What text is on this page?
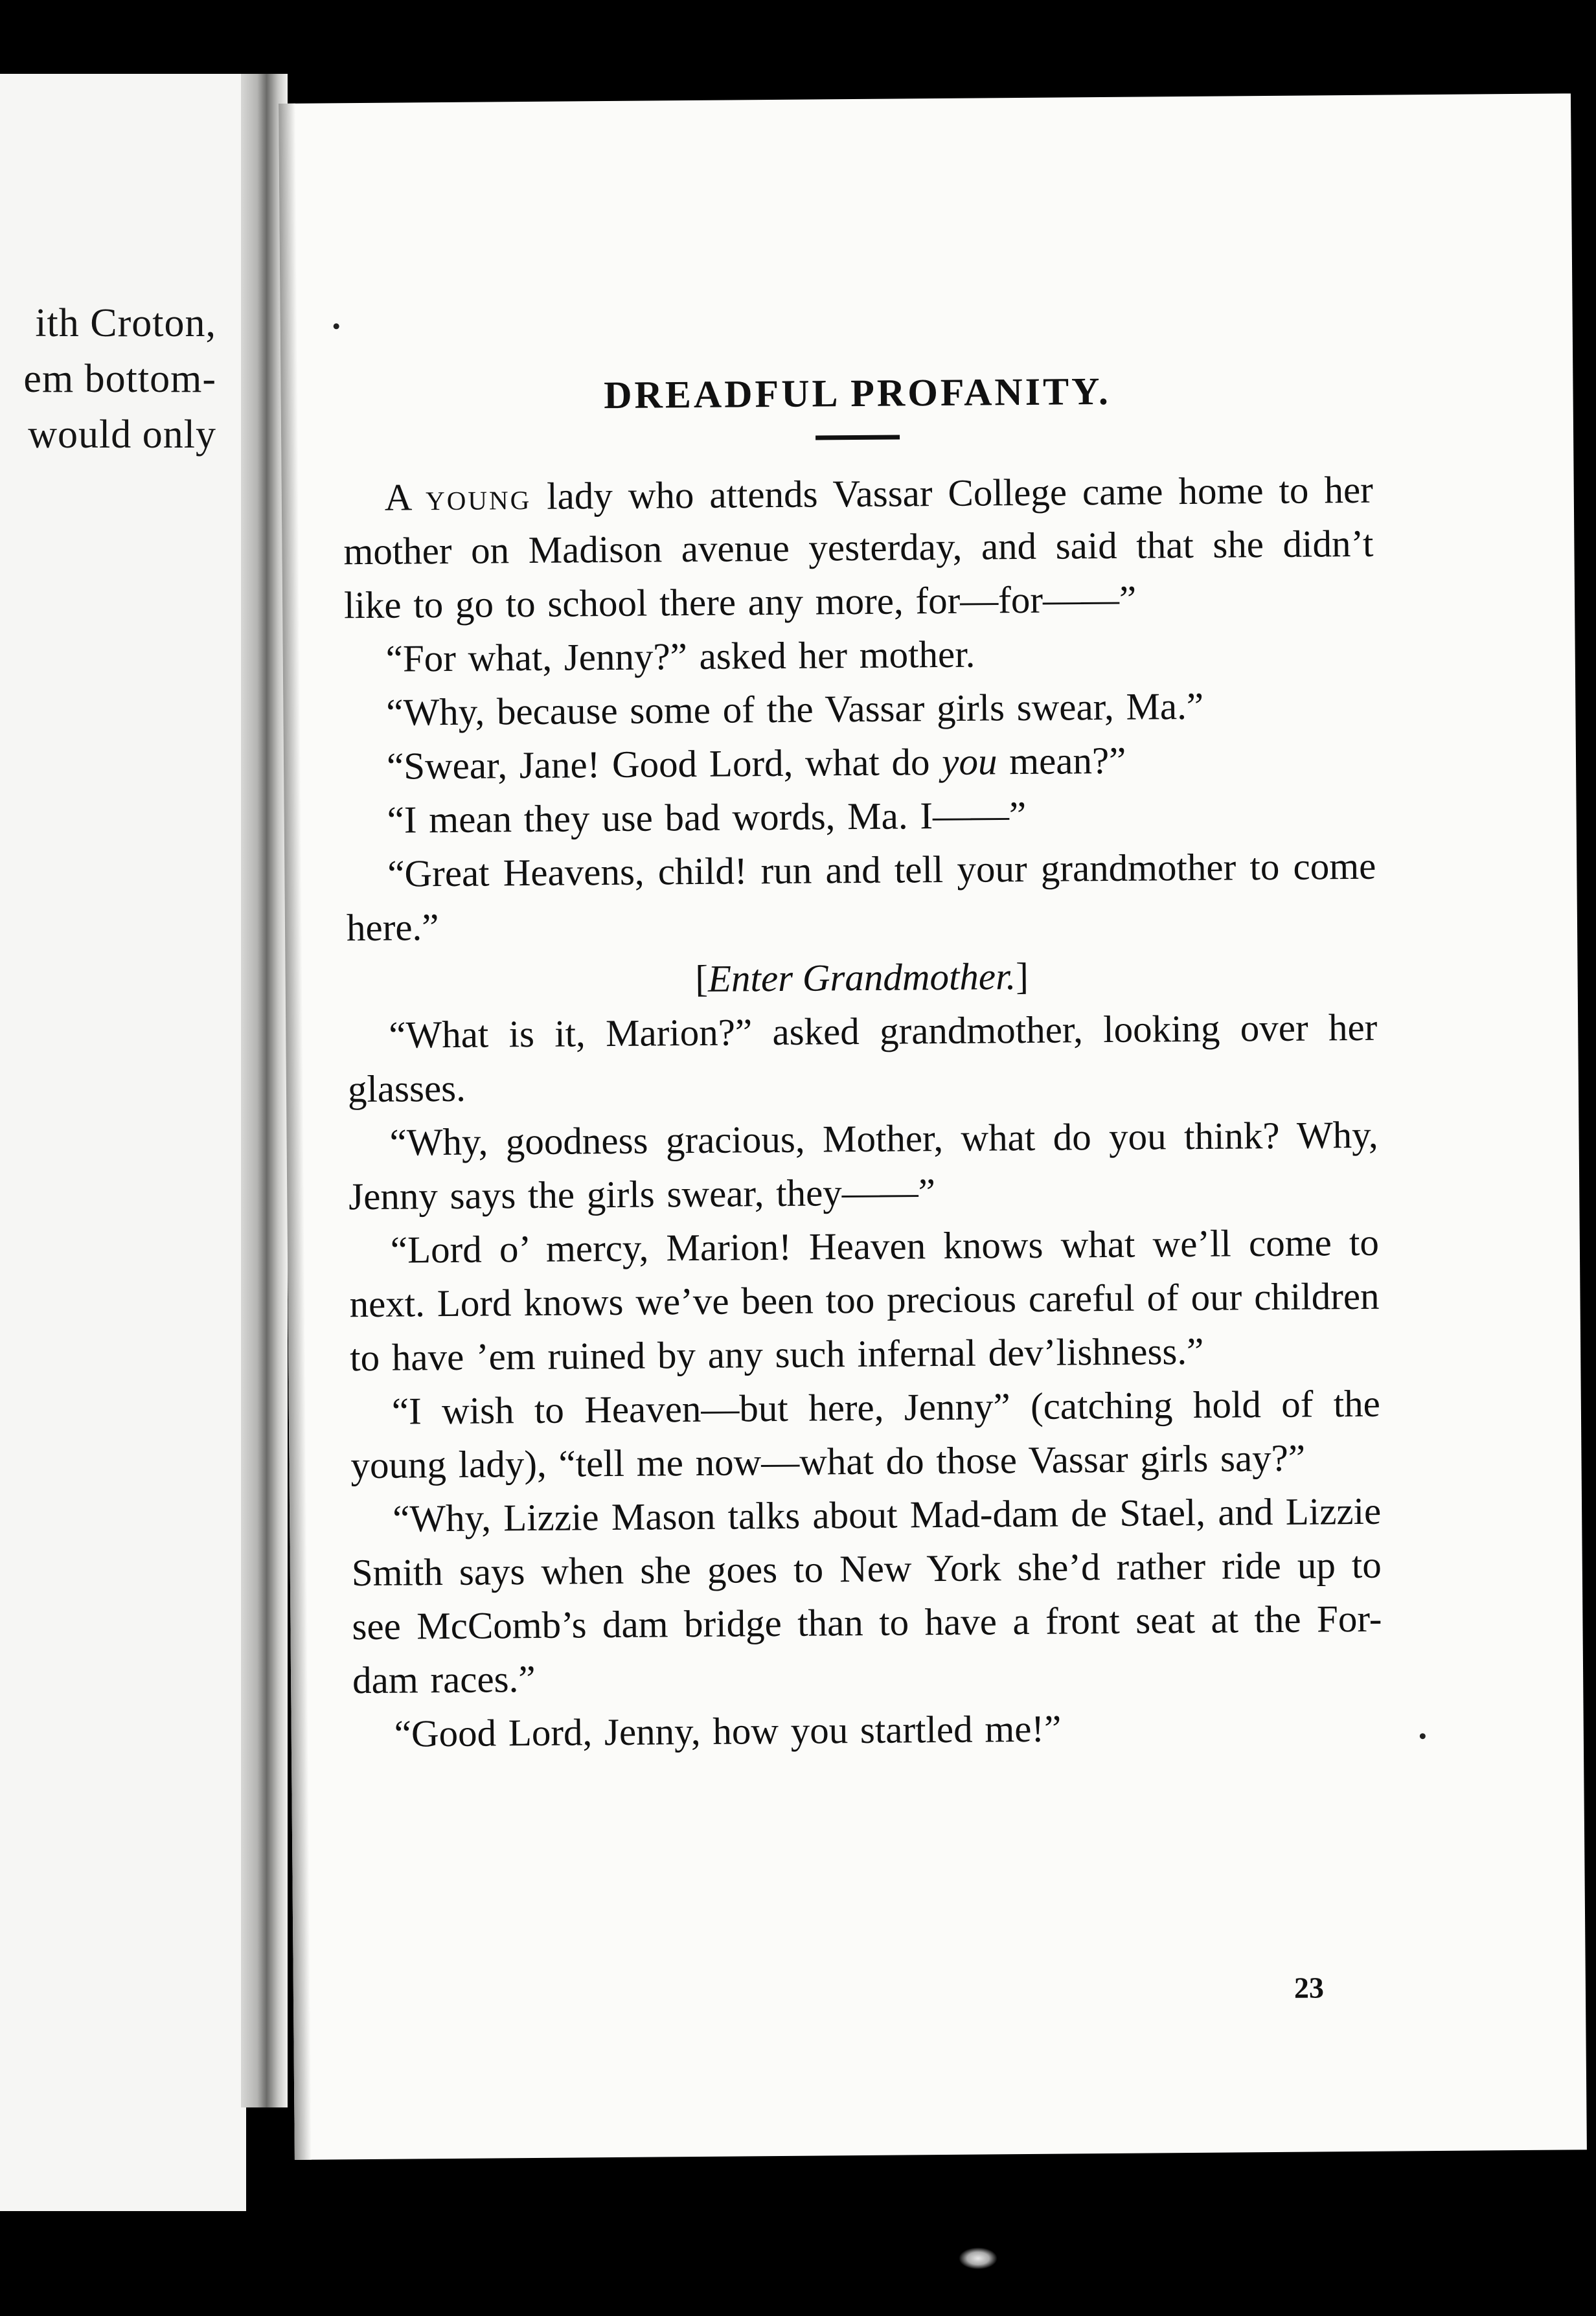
ith Croton,
em bottom-
would only
DREADFUL PROFANITY.

A young lady who attends Vassar College came home to her mother on Madison avenue yesterday, and said that she didn’t like to go to school there any more, for—for——”

“For what, Jenny?” asked her mother.

“Why, because some of the Vassar girls swear, Ma.”

“Swear, Jane! Good Lord, what do you mean?”

“I mean they use bad words, Ma. I——”

“Great Heavens, child! run and tell your grandmother to come here.”

[Enter Grandmother.]

“What is it, Marion?” asked grandmother, looking over her glasses.

“Why, goodness gracious, Mother, what do you think? Why, Jenny says the girls swear, they——”

“Lord o’ mercy, Marion! Heaven knows what we’ll come to next. Lord knows we’ve been too precious careful of our children to have ’em ruined by any such infernal dev’lishness.”

“I wish to Heaven—but here, Jenny” (catching hold of the young lady), “tell me now—what do those Vassar girls say?”

“Why, Lizzie Mason talks about Mad-dam de Stael, and Lizzie Smith says when she goes to New York she’d rather ride up to see McComb’s dam bridge than to have a front seat at the For-dam races.”

“Good Lord, Jenny, how you startled me!”

23
